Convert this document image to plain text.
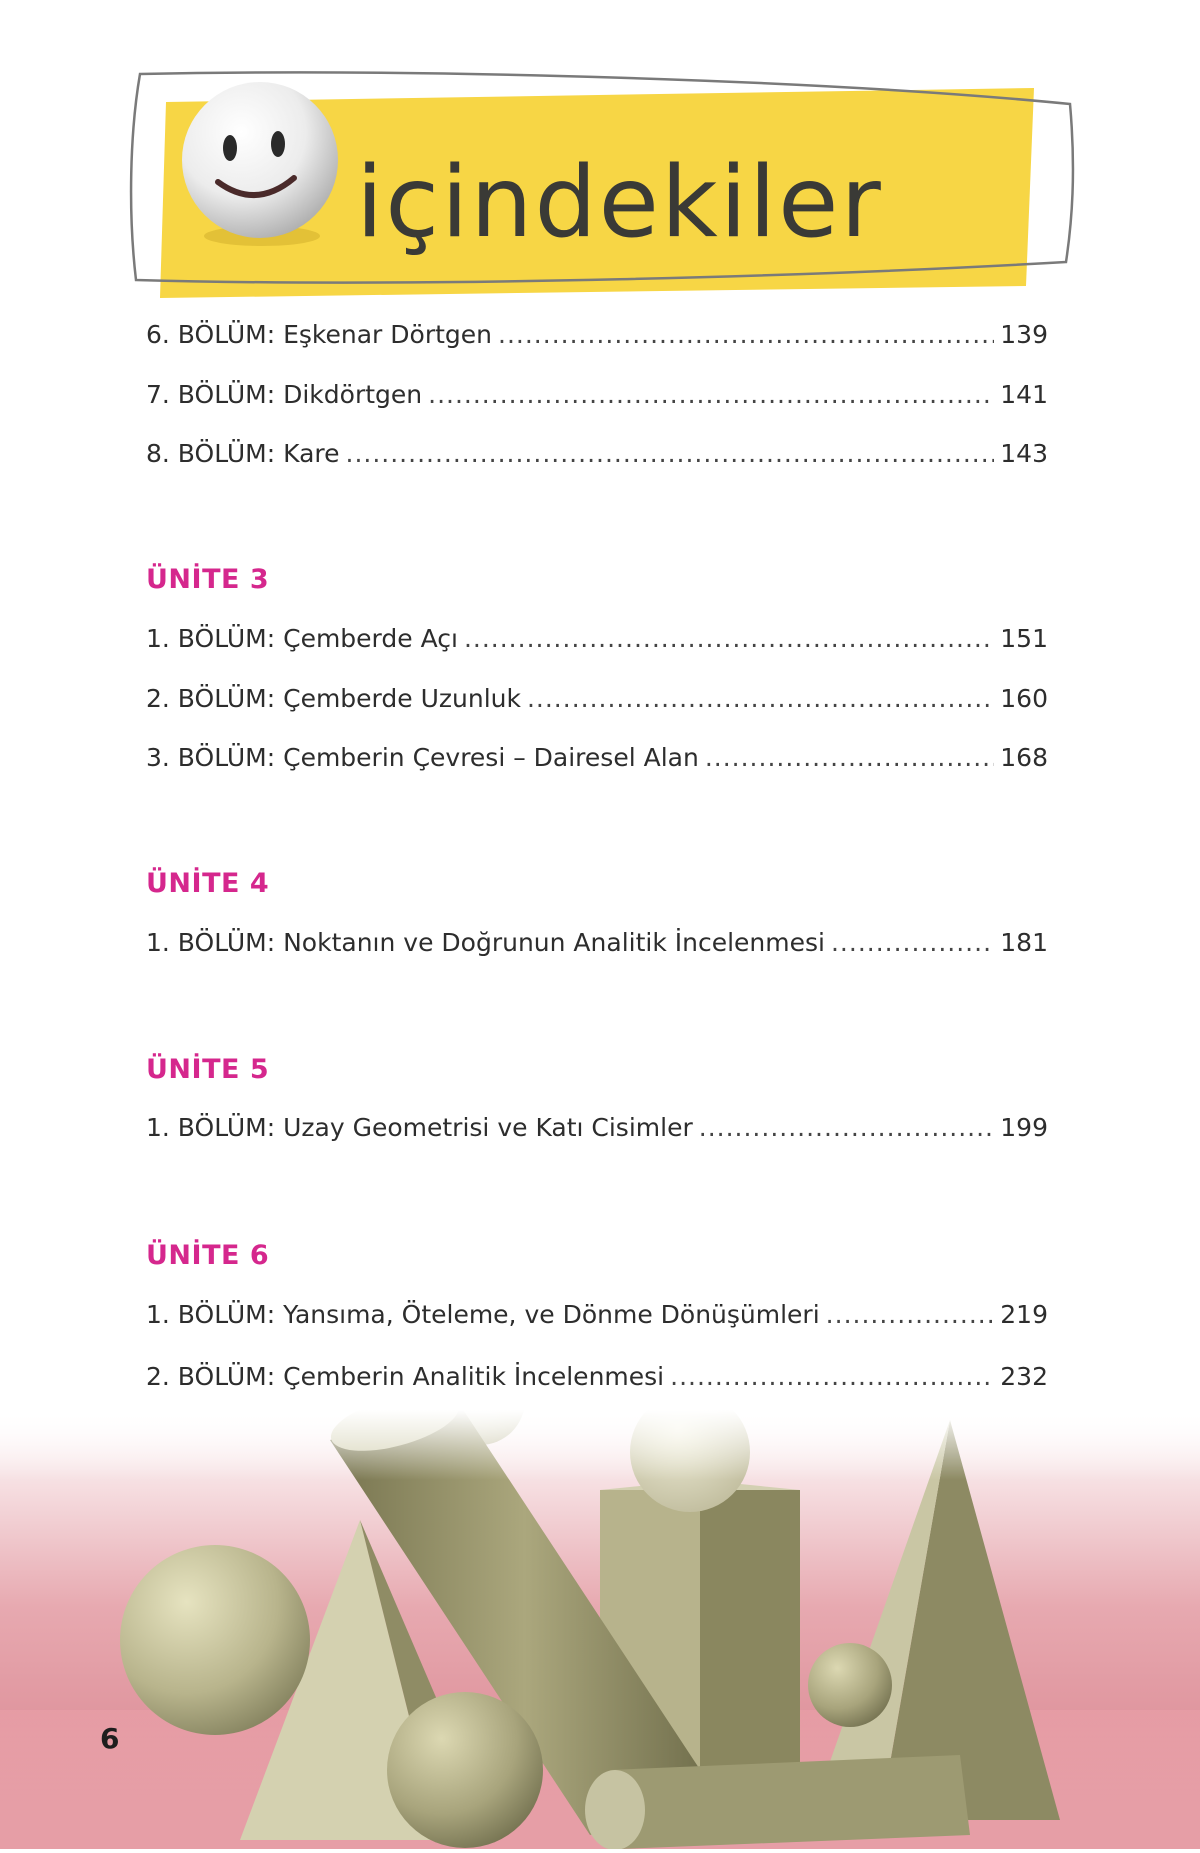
içindekiler
6. BÖLÜM: Eşkenar Dörtgen .....	139
7. BÖLÜM: Dikdörtgen .....	141
8. BÖLÜM: Kare .....	143
ÜNİTE 3
1. BÖLÜM: Çemberde Açı .....	151
2. BÖLÜM: Çemberde Uzunluk .....	160
3. BÖLÜM: Çemberin Çevresi – Dairesel Alan .....	168
ÜNİTE 4
1. BÖLÜM: Noktanın ve Doğrunun Analitik İncelenmesi .....	181
ÜNİTE 5
1. BÖLÜM: Uzay Geometrisi ve Katı Cisimler .....	199
ÜNİTE 6
1. BÖLÜM: Yansıma, Öteleme, ve Dönme Dönüşümleri .....	219
2. BÖLÜM: Çemberin Analitik İncelenmesi .....	232
6
